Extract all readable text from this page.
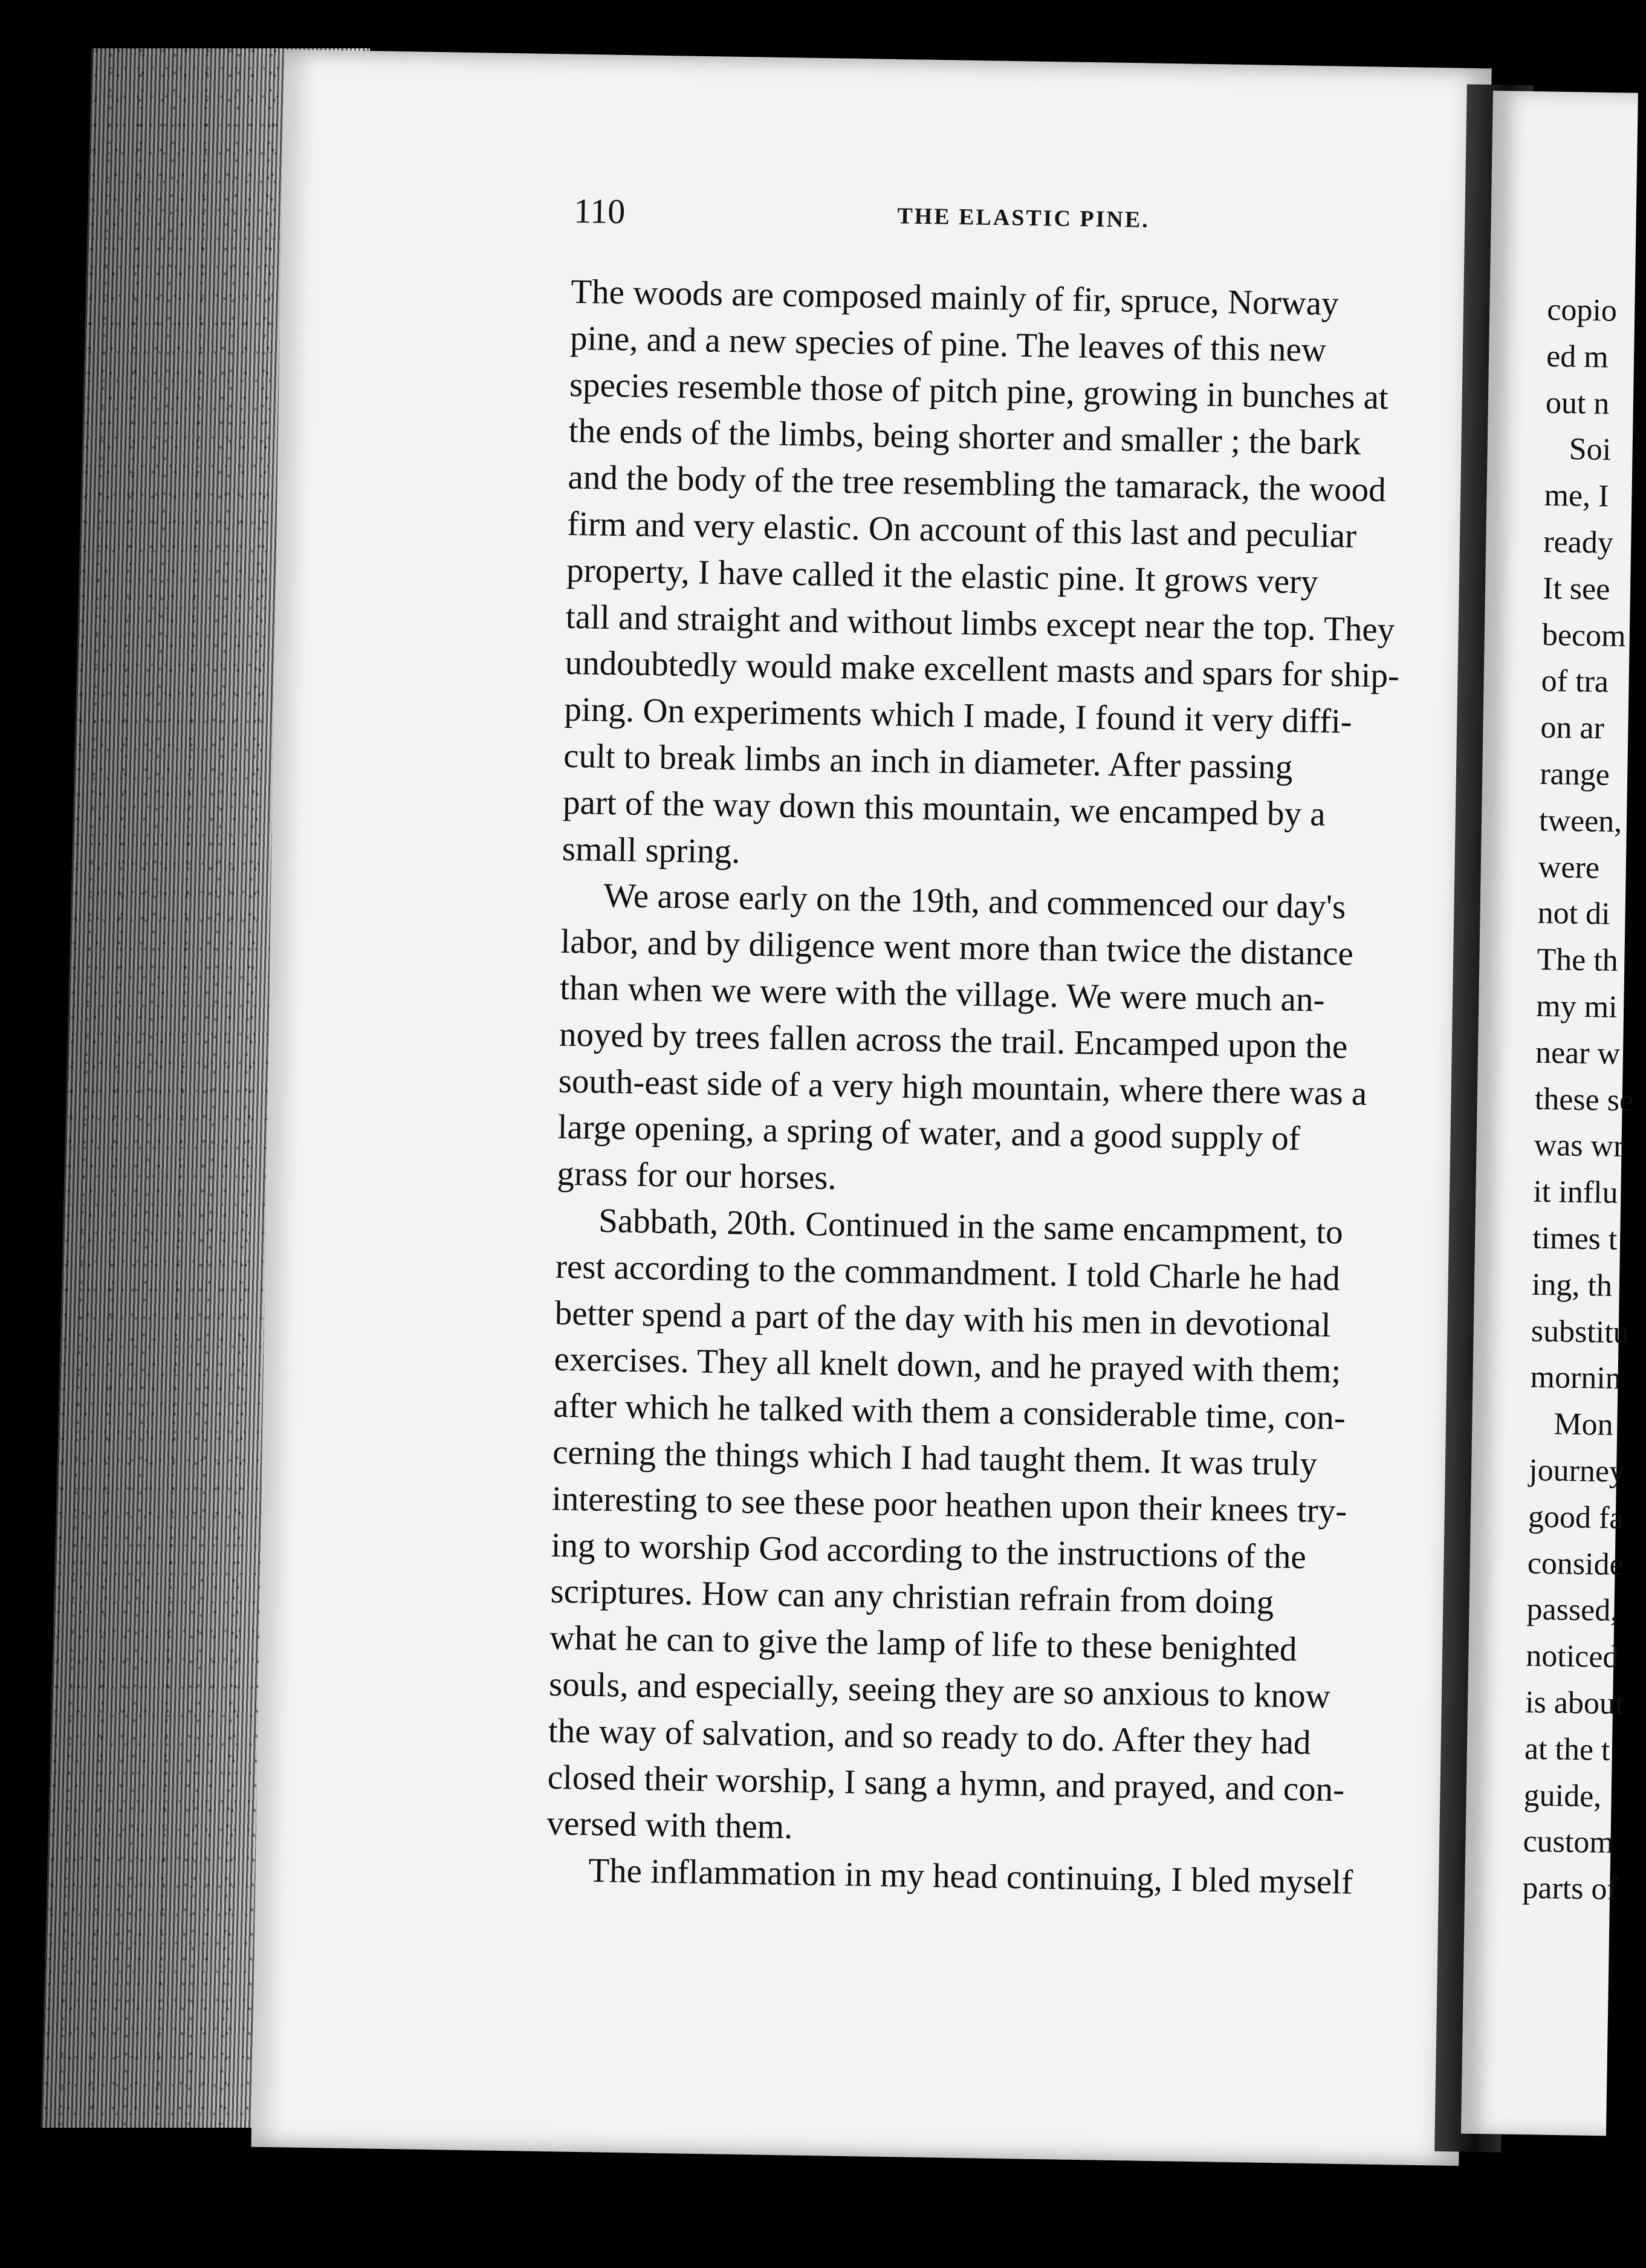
110	THE ELASTIC PINE.
The woods are composed mainly of fir, spruce, Norway
pine, and a new species of pine. The leaves of this new
species resemble those of pitch pine, growing in bunches at
the ends of the limbs, being shorter and smaller ; the bark
and the body of the tree resembling the tamarack, the wood
firm and very elastic. On account of this last and peculiar
property, I have called it the elastic pine. It grows very
tall and straight and without limbs except near the top. They
undoubtedly would make excellent masts and spars for ship-
ping. On experiments which I made, I found it very diffi-
cult to break limbs an inch in diameter. After passing
part of the way down this mountain, we encamped by a
small spring.
We arose early on the 19th, and commenced our day's
labor, and by diligence went more than twice the distance
than when we were with the village. We were much an-
noyed by trees fallen across the trail. Encamped upon the
south-east side of a very high mountain, where there was a
large opening, a spring of water, and a good supply of
grass for our horses.
Sabbath, 20th. Continued in the same encampment, to
rest according to the commandment. I told Charle he had
better spend a part of the day with his men in devotional
exercises. They all knelt down, and he prayed with them;
after which he talked with them a considerable time, con-
cerning the things which I had taught them. It was truly
interesting to see these poor heathen upon their knees try-
ing to worship God according to the instructions of the
scriptures. How can any christian refrain from doing
what he can to give the lamp of life to these benighted
souls, and especially, seeing they are so anxious to know
the way of salvation, and so ready to do. After they had
closed their worship, I sang a hymn, and prayed, and con-
versed with them.
The inflammation in my head continuing, I bled myself
copio
ed m
out n
Soi
me, I
ready
It see
becom
of tra
on ar
range
tween,
were
not di
The th
my mi
near w
these se
was wr
it influ
times t
ing, th
substitu
mornin
Mon
journey
good fa
conside
passed,
noticed
is about
at the t
guide,
custom
parts of
